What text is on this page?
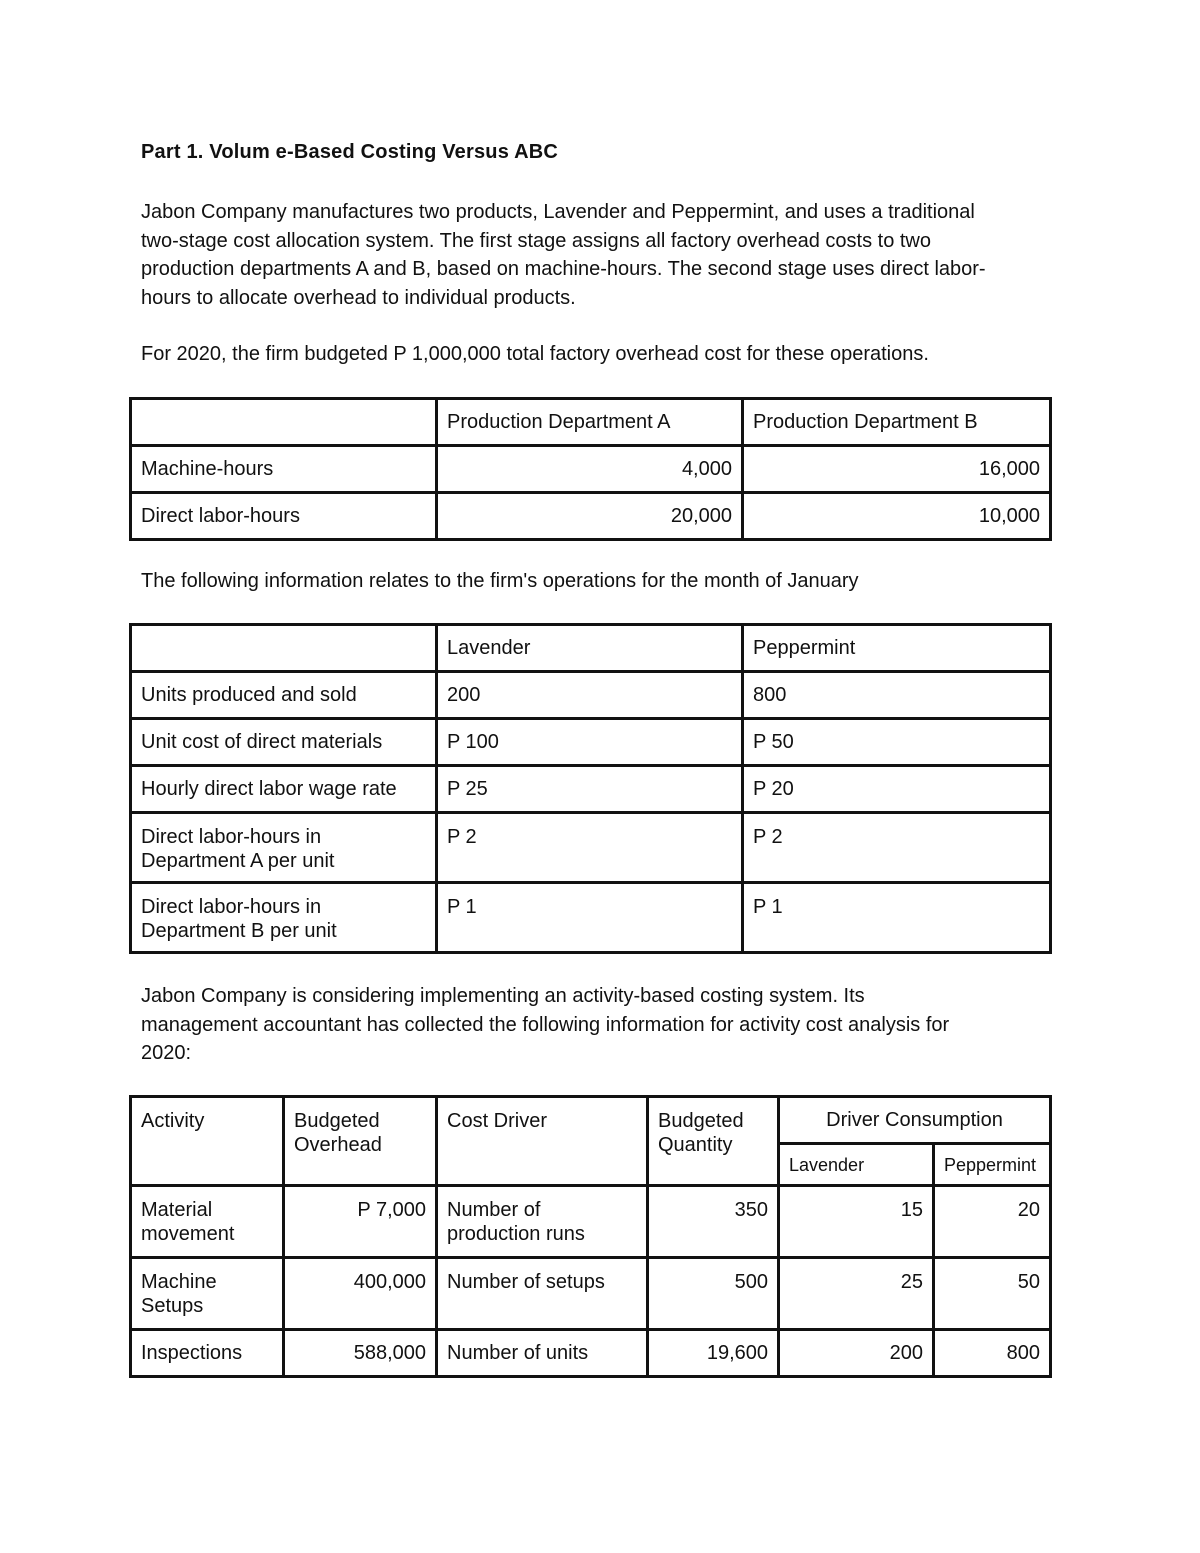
Part 1. Volum e-Based Costing Versus ABC
Jabon Company manufactures two products, Lavender and Peppermint, and uses a traditional
two-stage cost allocation system. The first stage assigns all factory overhead costs to two
production departments A and B, based on machine-hours. The second stage uses direct labor-
hours to allocate overhead to individual products.
For 2020, the firm budgeted P 1,000,000 total factory overhead cost for these operations.
	Production Department A	Production Department B
Machine-hours	4,000	16,000
Direct labor-hours	20,000	10,000
The following information relates to the firm's operations for the month of January
	Lavender	Peppermint
Units produced and sold	200	800
Unit cost of direct materials	P 100	P 50
Hourly direct labor wage rate	P 25	P 20
Direct labor-hours in Department A per unit	P 2	P 2
Direct labor-hours in Department B per unit	P 1	P 1
Jabon Company is considering implementing an activity-based costing system. Its
management accountant has collected the following information for activity cost analysis for
2020:
Activity	Budgeted Overhead	Cost Driver	Budgeted Quantity	Driver Consumption	
				Lavender	Peppermint
Material movement	P 7,000	Number of production runs	350	15	20
Machine Setups	400,000	Number of setups	500	25	50
Inspections	588,000	Number of units	19,600	200	800
